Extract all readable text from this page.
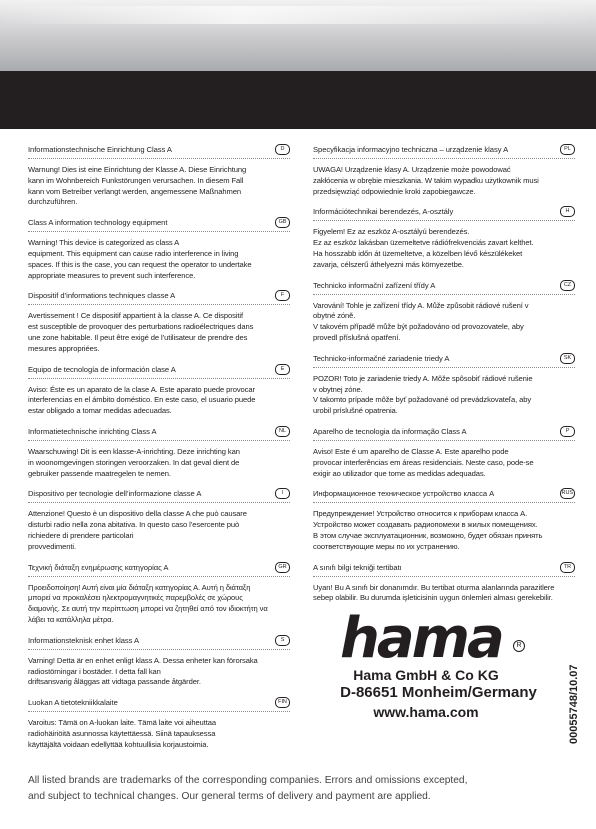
Informationstechnische Einrichtung Class A	D
Warnung! Dies ist eine Einrichtung der Klasse A. Diese Einrichtung
kann im Wohnbereich Funkstörungen verursachen. In diesem Fall
kann vom Betreiber verlangt werden, angemessene Maßnahmen
durchzuführen.
Class A information technology equipment	GB
Warning! This device is categorized as class A
equipment. This equipment can cause radio interference in living
spaces. If this is the case, you can request the operator to undertake
appropriate measures to prevent such interference.
Dispositif d’informations techniques classe A	F
Avertissement ! Ce dispositif appartient à la classe A. Ce dispositif
est susceptible de provoquer des perturbations radioélectriques dans
une zone habitable. Il peut être exigé de l’utilisateur de prendre des
mesures appropriées.
Equipo de tecnología de información clase A	E
Aviso: Éste es un aparato de la clase A. Este aparato puede provocar
interferencias en el ámbito doméstico. En este caso, el usuario puede
estar obligado a tomar medidas adecuadas.
Informatietechnische inrichting Class A	NL
Waarschuwing! Dit is een klasse-A-inrichting. Deze inrichting kan
in woonomgevingen storingen veroorzaken. In dat geval dient de
gebruiker passende maatregelen te nemen.
Dispositivo per tecnologie dell’informazione classe A	I
Attenzione! Questo è un dispositivo della classe A che può causare
disturbi radio nella zona abitativa. In questo caso l’esercente può
richiedere di prendere particolari
provvedimenti.
Τεχνική διάταξη ενημέρωσης κατηγορίας Α	GR
Προειδοποίηση! Αυτή είναι μία διάταξη κατηγορίας Α. Αυτή η διάταξη
μπορεί να προκαλέσει ηλεκτρομαγνητικές παρεμβολές σε χώρους
διαμονής. Σε αυτή την περίπτωση μπορεί να ζητηθεί από τον ιδιοκτήτη να
λάβει τα κατάλληλα μέτρα.
Informationsteknisk enhet klass A	S
Varning! Detta är en enhet enligt klass A. Dessa enheter kan förorsaka
radiostörningar i bostäder. I detta fall kan
driftsansvarig åläggas att vidtaga passande åtgärder.
Luokan A tietotekniikkalaite	FIN
Varoitus: Tämä on A-luokan laite. Tämä laite voi aiheuttaa
radiohäiriöitä asunnossa käytettäessä. Siinä tapauksessa
käyttäjältä voidaan edellyttää kohtuullisia korjaustoimia.
Specyfikacja informacyjno techniczna – urządzenie klasy A	PL
UWAGA! Urządzenie klasy A. Urządzenie może powodować
zakłócenia w obrębie mieszkania. W takim wypadku użytkownik musi
przedsięwziąć odpowiednie kroki zapobiegawcze.
Információtechnikai berendezés, A-osztály	H
Figyelem! Ez az eszköz A-osztályú berendezés.
Ez az eszköz lakásban üzemeltetve rádiófrekvenciás zavart kelthet.
Ha hosszabb időn át üzemeltetve, a közelben lévő készülékeket
zavarja, célszerű áthelyezni más környezetbe.
Technicko informační zařízení třídy A	CZ
Varování! Tohle je zařízení třídy A. Může způsobit rádiové rušení v
obytné zóně.
V takovém případě může být požadováno od provozovatele, aby
provedl příslušná opatření.
Technicko-informačné zariadenie triedy A	SK
POZOR! Toto je zariadenie triedy A. Môže spôsobiť rádiové rušenie
v obytnej zóne.
V takomto prípade môže byť požadované od prevádzkovateľa, aby
urobil príslušné opatrenia.
Aparelho de tecnologia da informação Class A	P
Aviso! Este é um aparelho de Classe A. Este aparelho pode
provocar interferências em áreas residenciais. Neste caso, pode-se
exigir ao utilizador que tome as medidas adequadas.
Информационное техническое устройство класса А	RUS
Предупреждение! Устройство относится к приборам класса А.
Устройство может создавать радиопомехи в жилых помещениях.
В этом случае эксплуатационник, возможно, будет обязан принять
соответствующие меры по их устранению.
A sınıfı bilgi tekniği tertibatı	TR
Uyarı! Bu A sınıfı bir donanımdır. Bu tertibat oturma alanlarında parazitlere
sebep olabilir. Bu durumda işleticisinin uygun önlemleri alması gerekebilir.
hama	R
Hama GmbH & Co KG
D-86651 Monheim/Germany
www.hama.com	00055748/10.07
All listed brands are trademarks of the corresponding companies. Errors and omissions excepted,
and subject to technical changes. Our general terms of delivery and payment are applied.
